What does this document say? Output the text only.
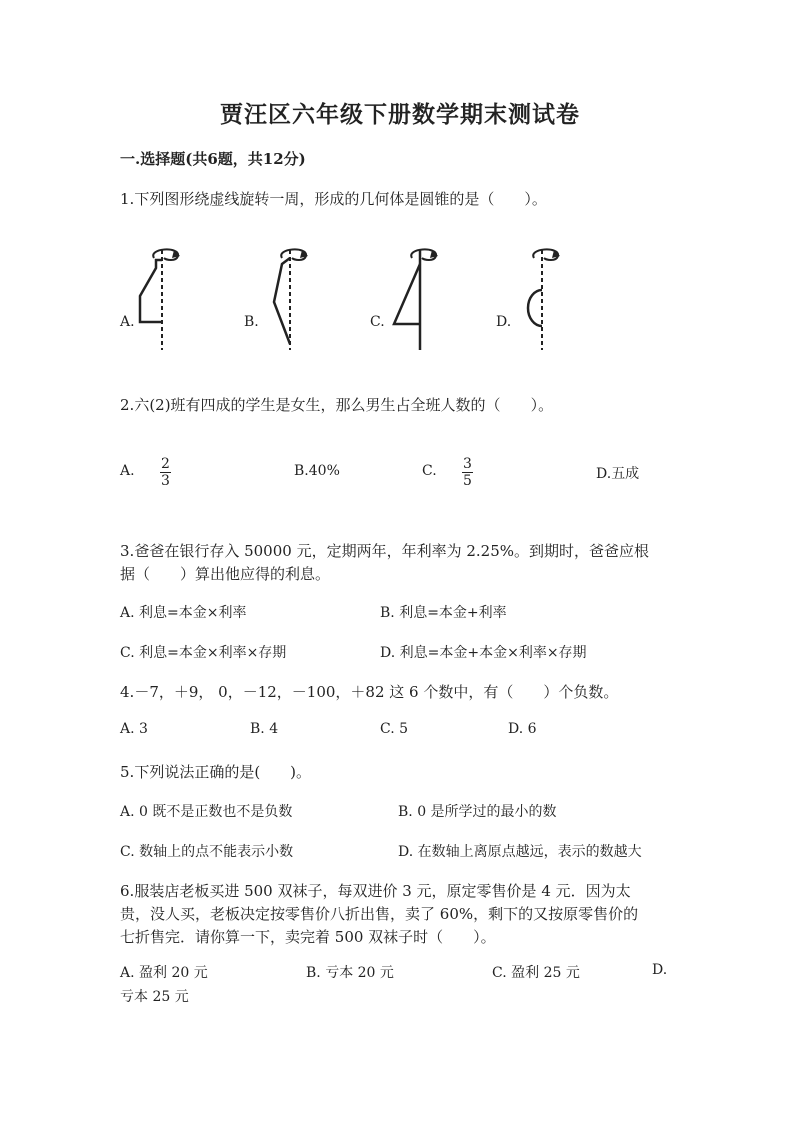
贾汪区六年级下册数学期末测试卷
一.选择题(共6题，共12分)
1.下列图形绕虚线旋转一周，形成的几何体是圆锥的是（　　）。
A.	B.	C.	D.
2.六(2)班有四成的学生是女生，那么男生占全班人数的（　　）。
A. $\frac{2}{3}$	B.40%	C. $\frac{3}{5}$	D.五成
3.爸爸在银行存入 50000 元，定期两年，年利率为 2.25%。到期时，爸爸应根
据（　　）算出他应得的利息。
A. 利息=本金×利率	B. 利息=本金+利率
C. 利息=本金×利率×存期	D. 利息=本金+本金×利率×存期
4.－7，＋9， 0，－12，－100，＋82 这 6 个数中，有（　　）个负数。
A. 3	B. 4	C. 5	D. 6
5.下列说法正确的是(　　)。
A. 0 既不是正数也不是负数	B. 0 是所学过的最小的数
C. 数轴上的点不能表示小数	D. 在数轴上离原点越远，表示的数越大
6.服装店老板买进 500 双袜子，每双进价 3 元，原定零售价是 4 元．因为太
贵，没人买，老板决定按零售价八折出售，卖了 60%，剩下的又按原零售价的
七折售完．请你算一下，卖完着 500 双袜子时（　　）。
A. 盈利 20 元	B. 亏本 20 元	C. 盈利 25 元	D.
亏本 25 元
